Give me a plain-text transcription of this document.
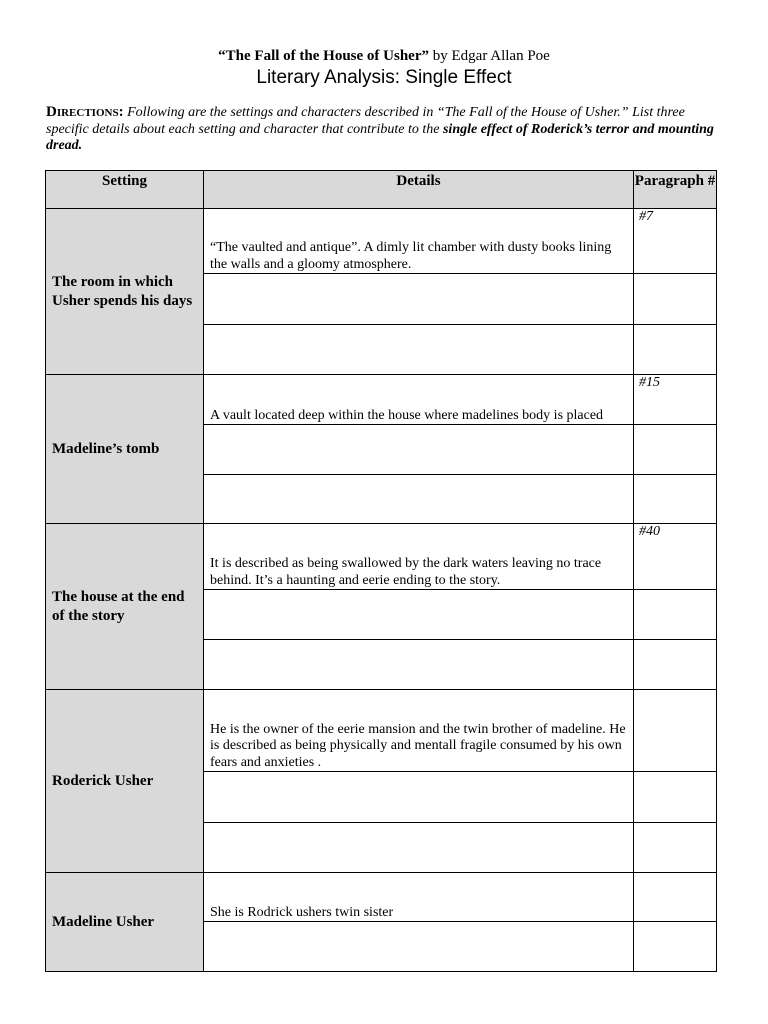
“The Fall of the House of Usher” by Edgar Allan Poe
Literary Analysis: Single Effect
Directions: Following are the settings and characters described in “The Fall of the House of Usher.” List three specific details about each setting and character that contribute to the single effect of Roderick’s terror and mounting dread.
Setting	Details	Paragraph #
The room in which Usher spends his days	“The vaulted and antique”. A dimly lit chamber with dusty books lining the walls and a gloomy atmosphere.	#7

Madeline’s tomb	A vault located deep within the house where madelines body is placed	#15

The house at the end of the story	It is described as being swallowed by the dark waters leaving no trace behind. It’s a haunting and eerie ending to the story.	#40

Roderick Usher	He is the owner of the eerie mansion and the twin brother of madeline. He is described as being physically and mentall fragile consumed by his own fears and anxieties .	

Madeline Usher	She is Rodrick ushers twin sister	
